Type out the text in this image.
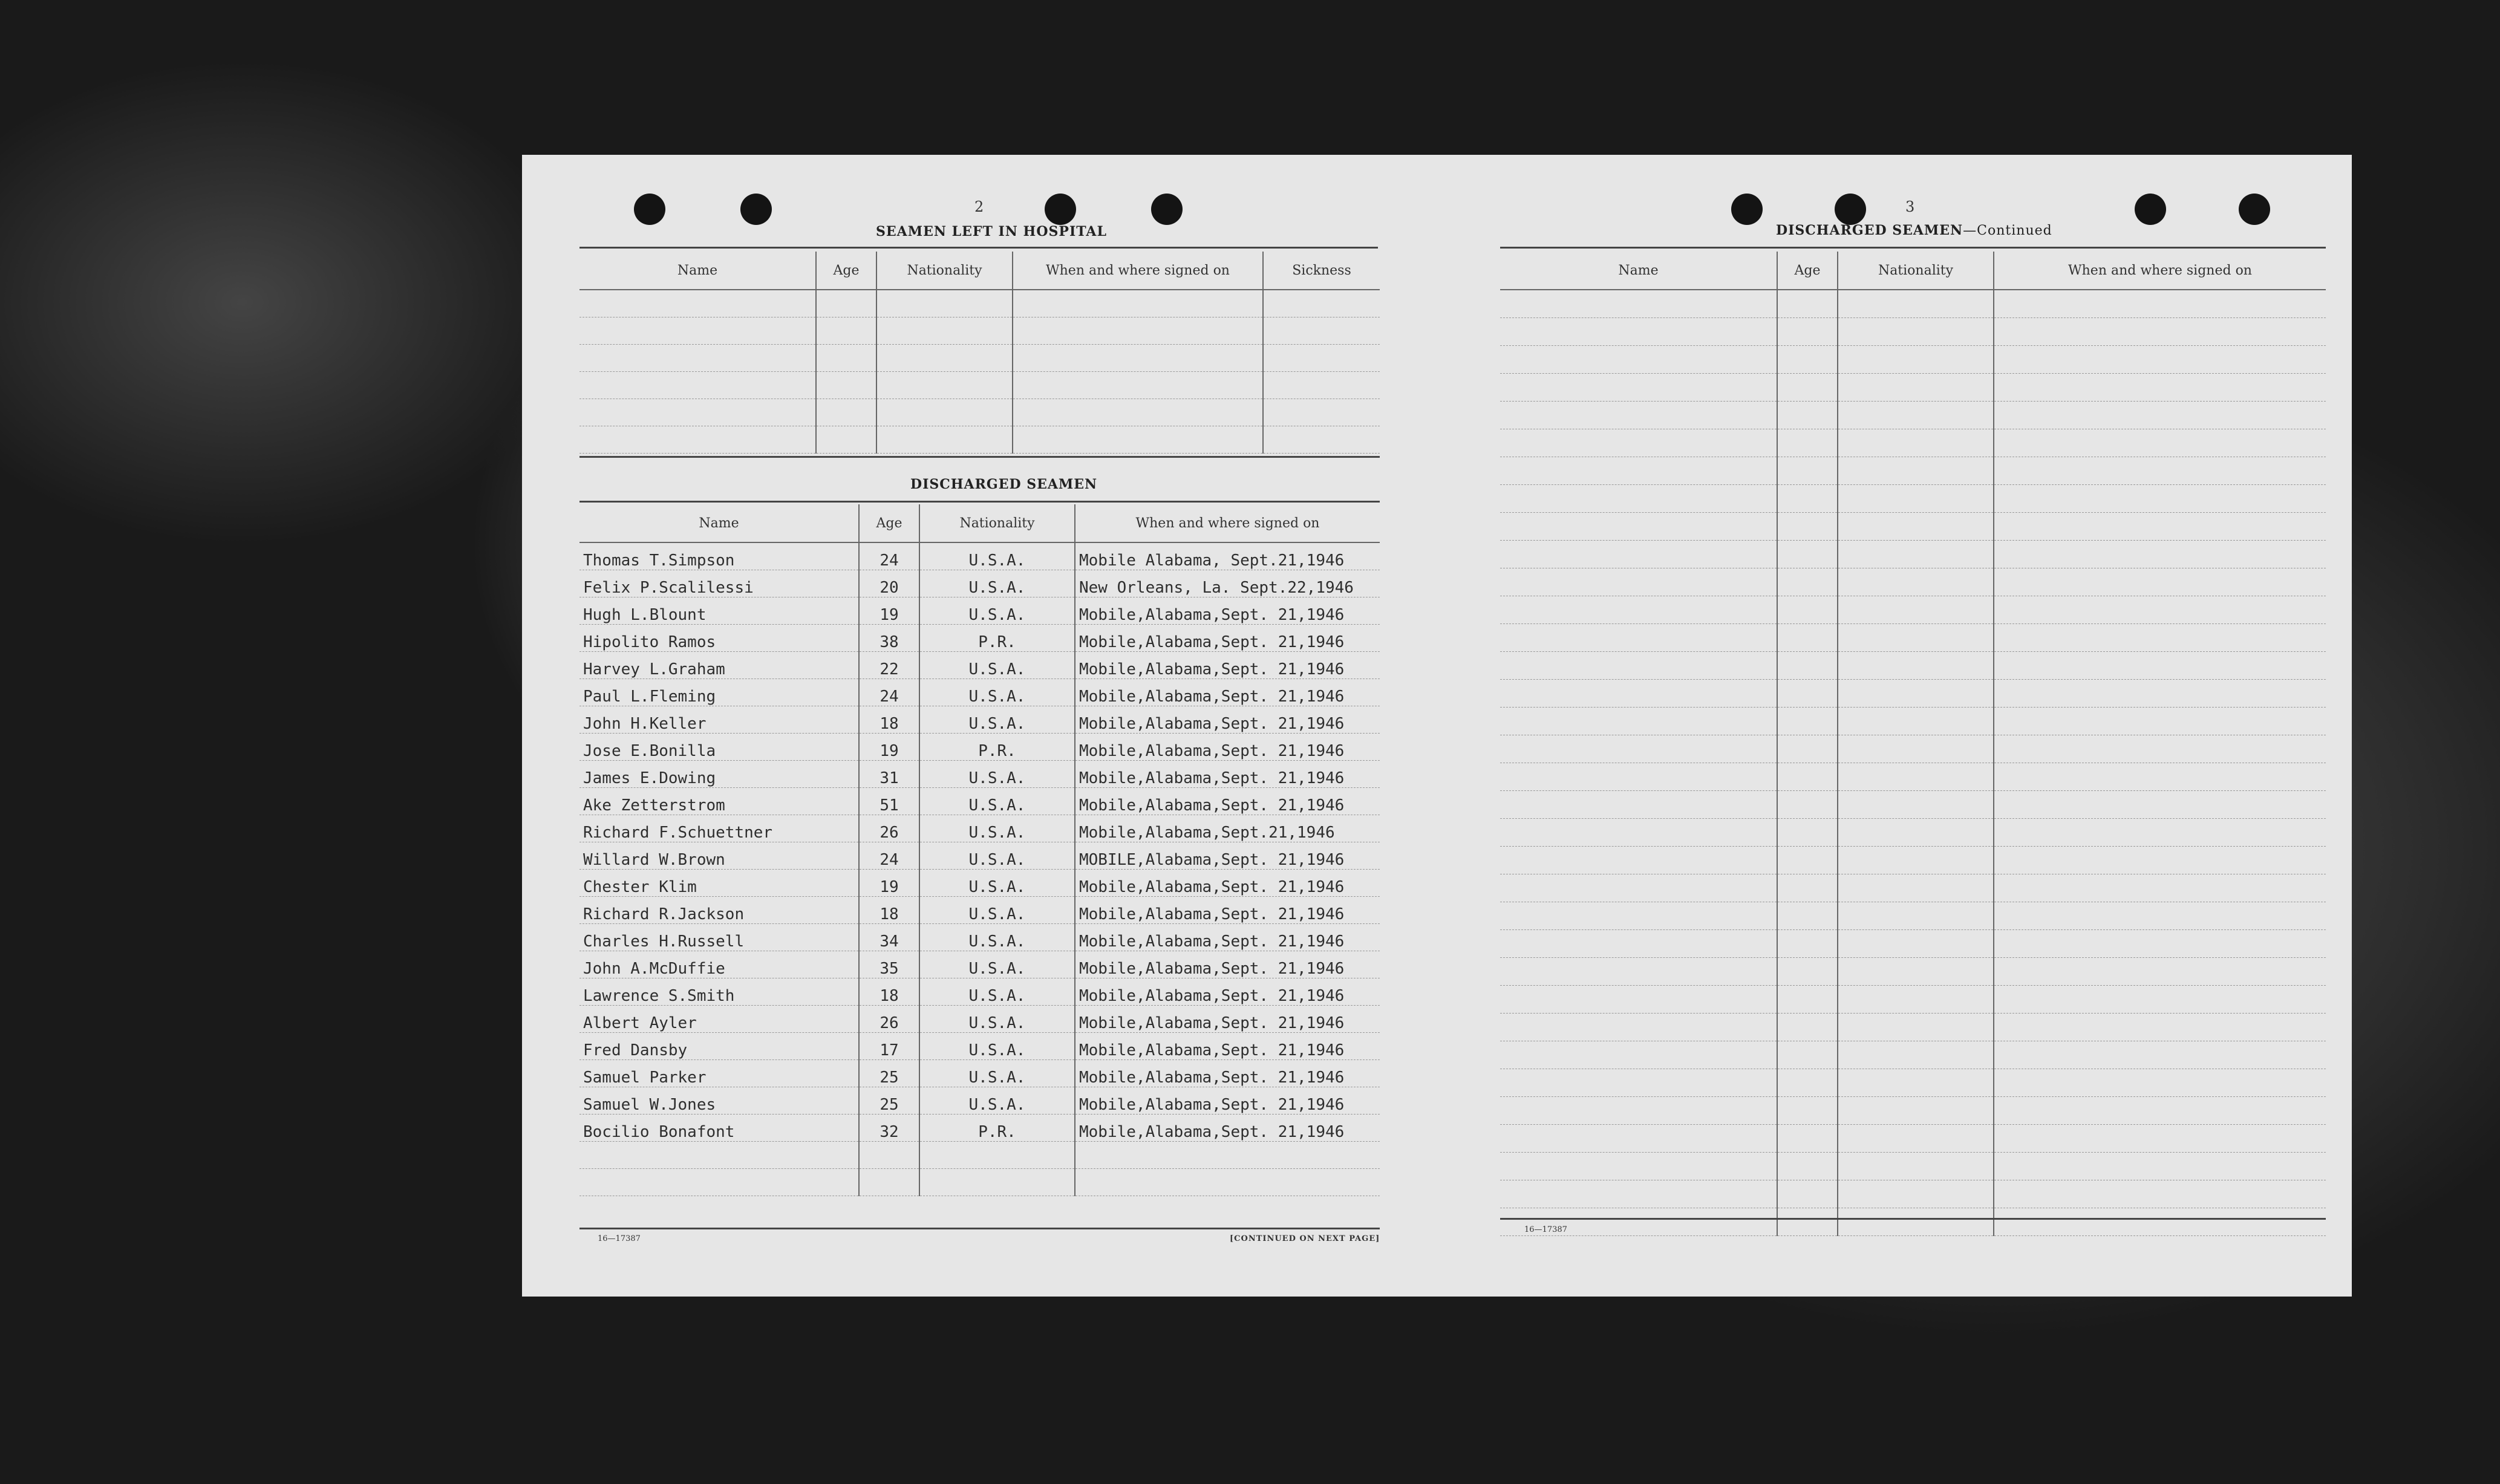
2
SEAMEN LEFT IN HOSPITAL
Name	Age	Nationality	When and where signed on	Sickness

DISCHARGED SEAMEN
Name	Age	Nationality	When and where signed on
Thomas T.Simpson	24	U.S.A.	Mobile Alabama, Sept.21,1946
Felix P.Scalilessi	20	U.S.A.	New Orleans, La. Sept.22,1946
Hugh L.Blount	19	U.S.A.	Mobile,Alabama,Sept. 21,1946
Hipolito Ramos	38	P.R.	Mobile,Alabama,Sept. 21,1946
Harvey L.Graham	22	U.S.A.	Mobile,Alabama,Sept. 21,1946
Paul L.Fleming	24	U.S.A.	Mobile,Alabama,Sept. 21,1946
John H.Keller	18	U.S.A.	Mobile,Alabama,Sept. 21,1946
Jose E.Bonilla	19	P.R.	Mobile,Alabama,Sept. 21,1946
James E.Dowing	31	U.S.A.	Mobile,Alabama,Sept. 21,1946
Ake Zetterstrom	51	U.S.A.	Mobile,Alabama,Sept. 21,1946
Richard F.Schuettner	26	U.S.A.	Mobile,Alabama,Sept.21,1946
Willard W.Brown	24	U.S.A.	MOBILE,Alabama,Sept. 21,1946
Chester Klim	19	U.S.A.	Mobile,Alabama,Sept. 21,1946
Richard R.Jackson	18	U.S.A.	Mobile,Alabama,Sept. 21,1946
Charles H.Russell	34	U.S.A.	Mobile,Alabama,Sept. 21,1946
John A.McDuffie	35	U.S.A.	Mobile,Alabama,Sept. 21,1946
Lawrence S.Smith	18	U.S.A.	Mobile,Alabama,Sept. 21,1946
Albert Ayler	26	U.S.A.	Mobile,Alabama,Sept. 21,1946
Fred Dansby	17	U.S.A.	Mobile,Alabama,Sept. 21,1946
Samuel Parker	25	U.S.A.	Mobile,Alabama,Sept. 21,1946
Samuel W.Jones	25	U.S.A.	Mobile,Alabama,Sept. 21,1946
Bocilio Bonafont	32	P.R.	Mobile,Alabama,Sept. 21,1946

16—17387	[CONTINUED ON NEXT PAGE]
3
DISCHARGED SEAMEN—Continued
Name	Age	Nationality	When and where signed on

16—17387
